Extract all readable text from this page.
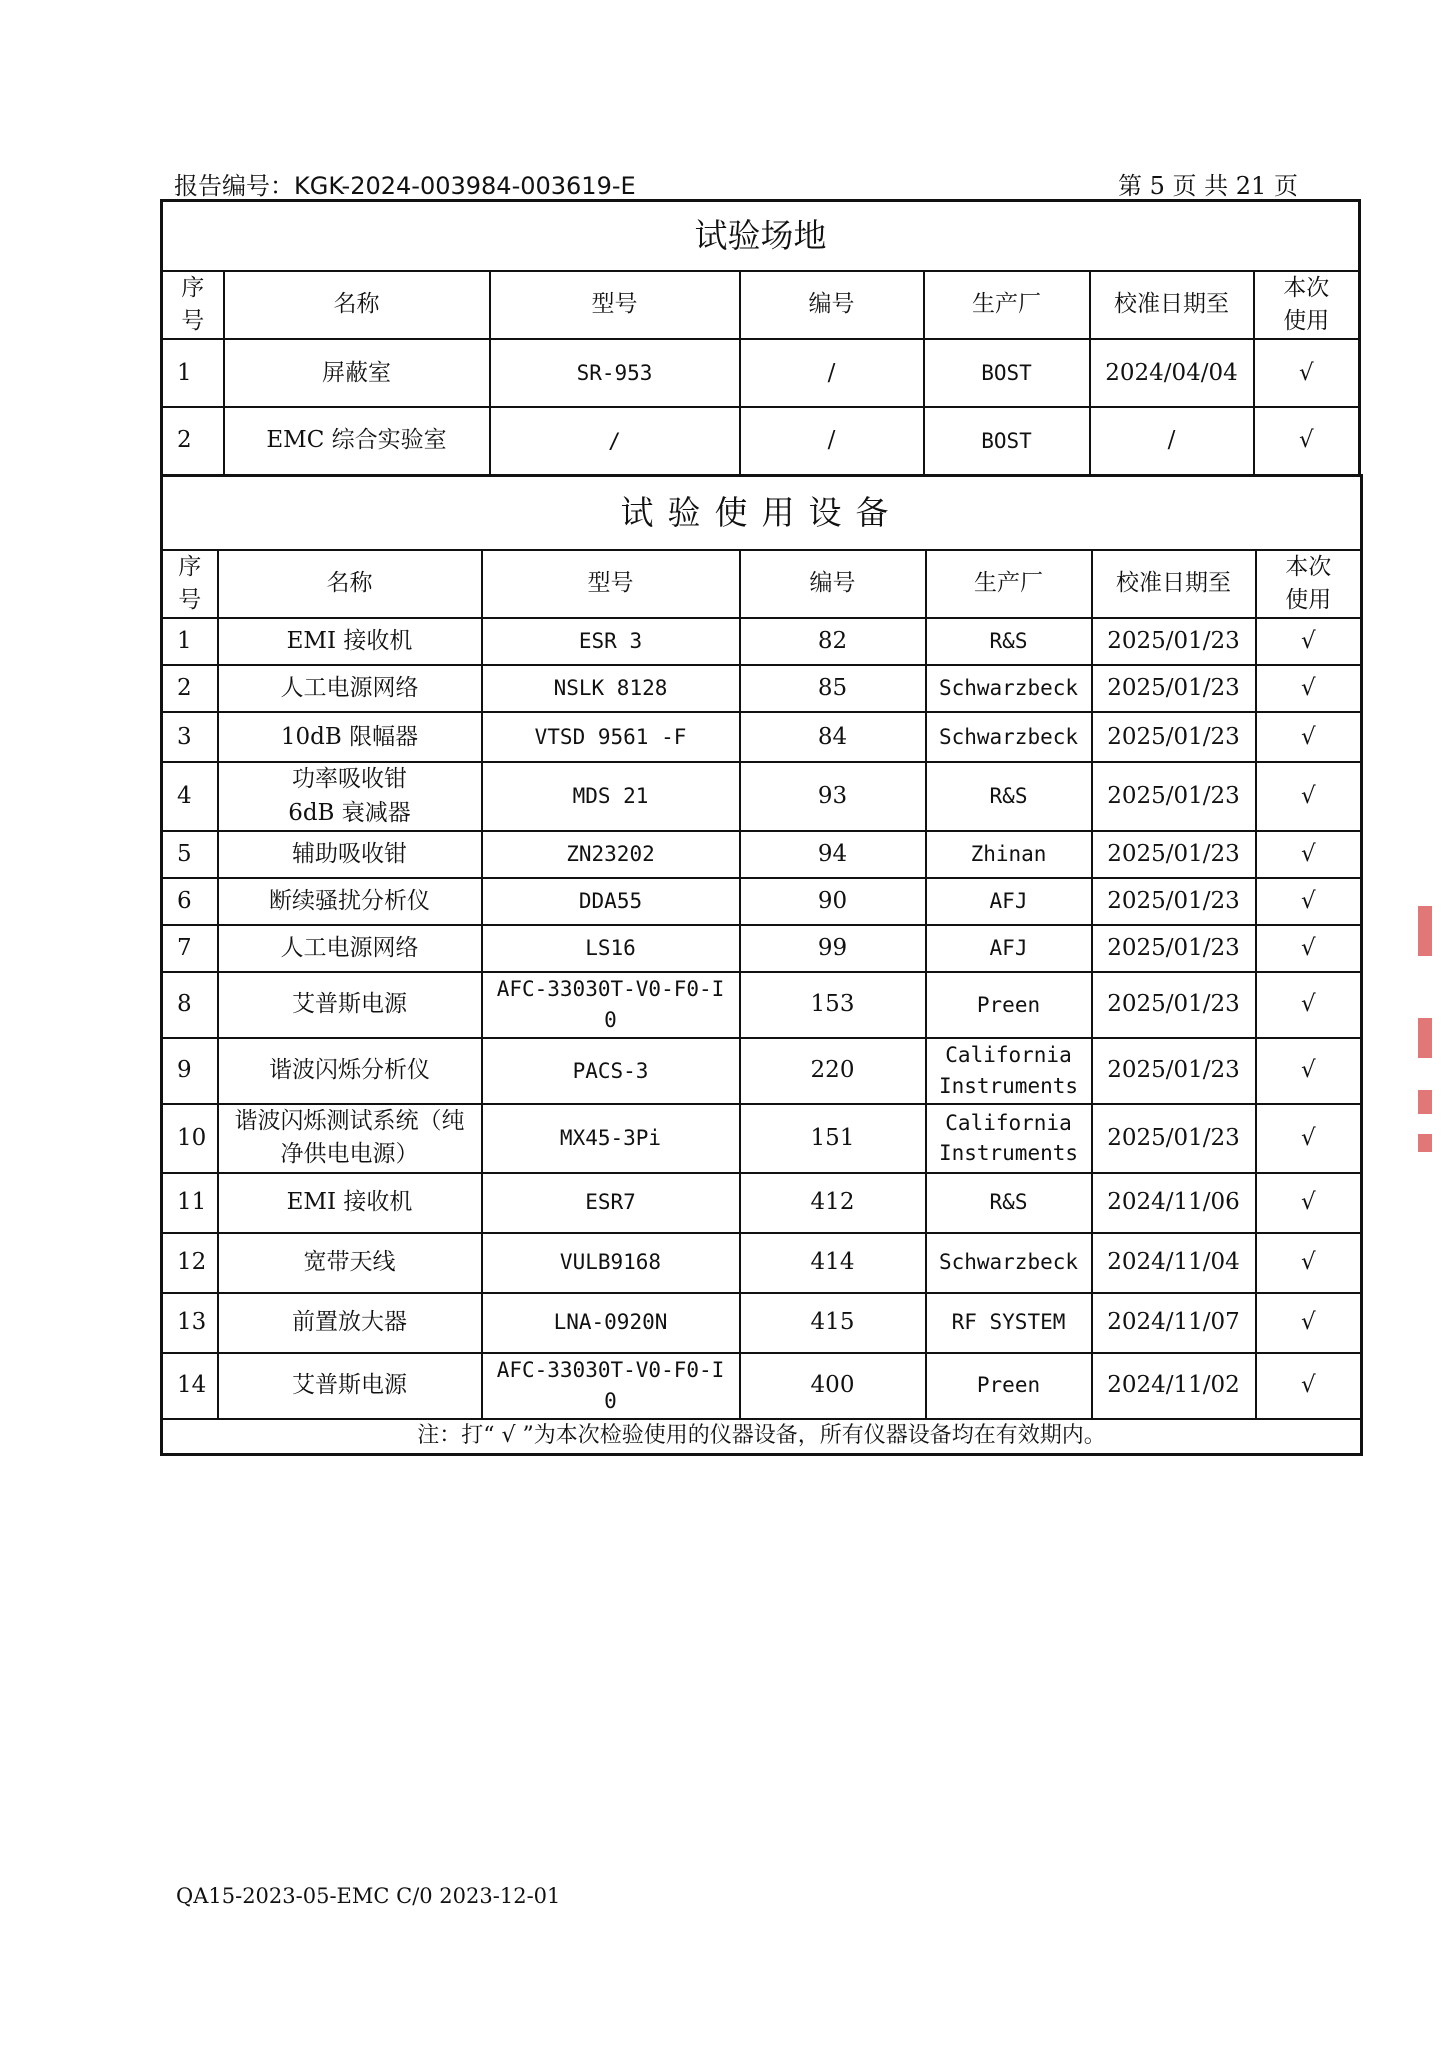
报告编号：KGK-2024-003984-003619-E	第 5 页 共 21 页
试验场地						
序
号	名称	型号	编号	生产厂	校准日期至	本次
使用
1	屏蔽室	SR-953	/	BOST	2024/04/04	√
2	EMC 综合实验室	/	/	BOST	/	√
试验使用设备						
序
号	名称	型号	编号	生产厂	校准日期至	本次
使用
1	EMI 接收机	ESR 3	82	R&S	2025/01/23	√
2	人工电源网络	NSLK 8128	85	Schwarzbeck	2025/01/23	√
3	10dB 限幅器	VTSD 9561 -F	84	Schwarzbeck	2025/01/23	√
4	功率吸收钳
6dB 衰减器	MDS 21	93	R&S	2025/01/23	√
5	辅助吸收钳	ZN23202	94	Zhinan	2025/01/23	√
6	断续骚扰分析仪	DDA55	90	AFJ	2025/01/23	√
7	人工电源网络	LS16	99	AFJ	2025/01/23	√
8	艾普斯电源	AFC-33030T-V0-F0-I
0	153	Preen	2025/01/23	√
9	谐波闪烁分析仪	PACS-3	220	California
Instruments	2025/01/23	√
10	谐波闪烁测试系统（纯
净供电电源）	MX45-3Pi	151	California
Instruments	2025/01/23	√
11	EMI 接收机	ESR7	412	R&S	2024/11/06	√
12	宽带天线	VULB9168	414	Schwarzbeck	2024/11/04	√
13	前置放大器	LNA-0920N	415	RF SYSTEM	2024/11/07	√
14	艾普斯电源	AFC-33030T-V0-F0-I
0	400	Preen	2024/11/02	√
注：打“ √ ”为本次检验使用的仪器设备，所有仪器设备均在有效期内。						
QA15-2023-05-EMC C/0 2023-12-01
